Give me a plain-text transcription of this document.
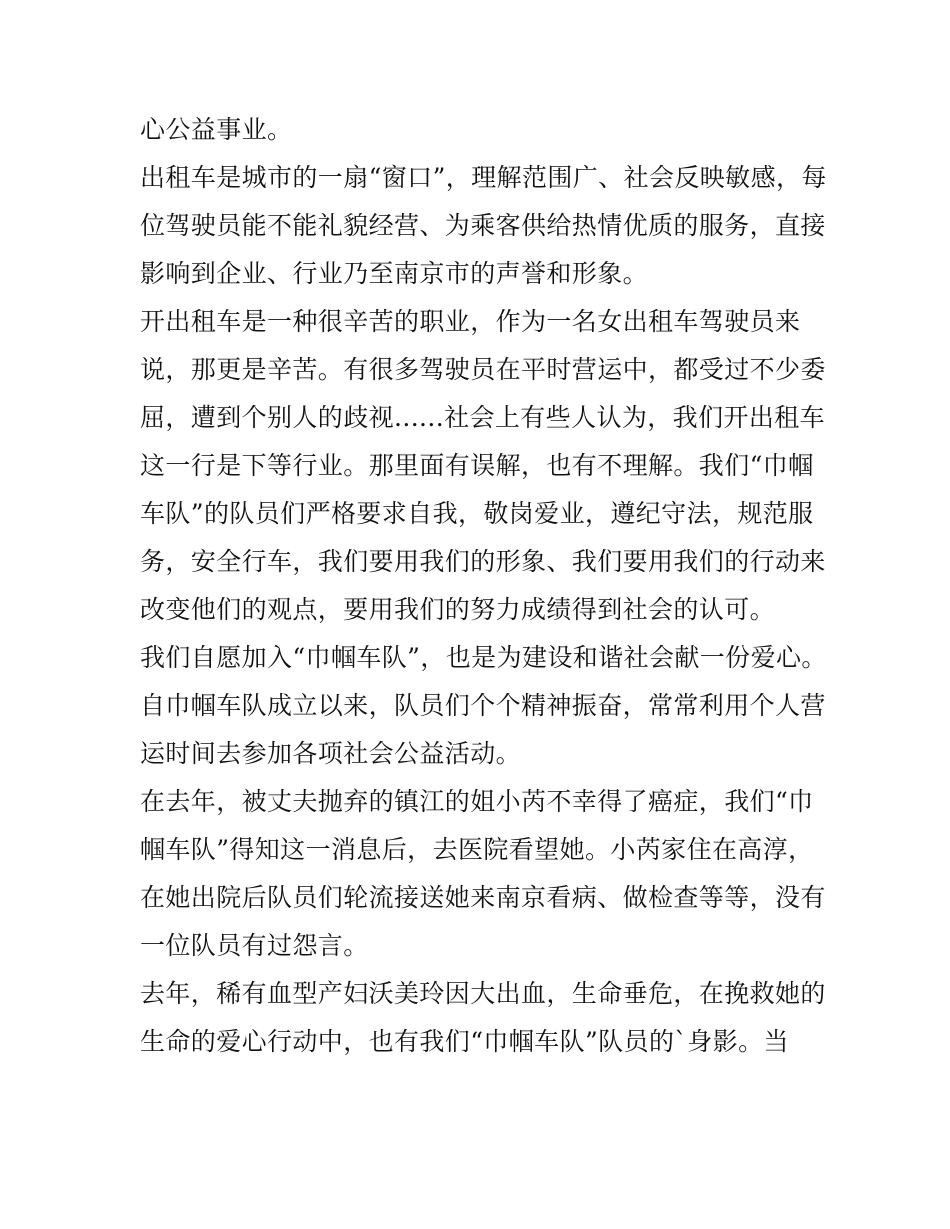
心公益事业。
出租车是城市的一扇“窗口”，理解范围广、社会反映敏感，每
位驾驶员能不能礼貌经营、为乘客供给热情优质的服务，直接
影响到企业、行业乃至南京市的声誉和形象。
开出租车是一种很辛苦的职业，作为一名女出租车驾驶员来
说，那更是辛苦。有很多驾驶员在平时营运中，都受过不少委
屈，遭到个别人的歧视......社会上有些人认为，我们开出租车
这一行是下等行业。那里面有误解，也有不理解。我们“巾帼
车队”的队员们严格要求自我，敬岗爱业，遵纪守法，规范服
务，安全行车，我们要用我们的形象、我们要用我们的行动来
改变他们的观点，要用我们的努力成绩得到社会的认可。
我们自愿加入“巾帼车队”，也是为建设和谐社会献一份爱心。
自巾帼车队成立以来，队员们个个精神振奋，常常利用个人营
运时间去参加各项社会公益活动。
在去年，被丈夫抛弃的镇江的姐小芮不幸得了癌症，我们“巾
帼车队”得知这一消息后，去医院看望她。小芮家住在高淳，
在她出院后队员们轮流接送她来南京看病、做检查等等，没有
一位队员有过怨言。
去年，稀有血型产妇沃美玲因大出血，生命垂危，在挽救她的
生命的爱心行动中，也有我们“巾帼车队”队员的`身影。当
